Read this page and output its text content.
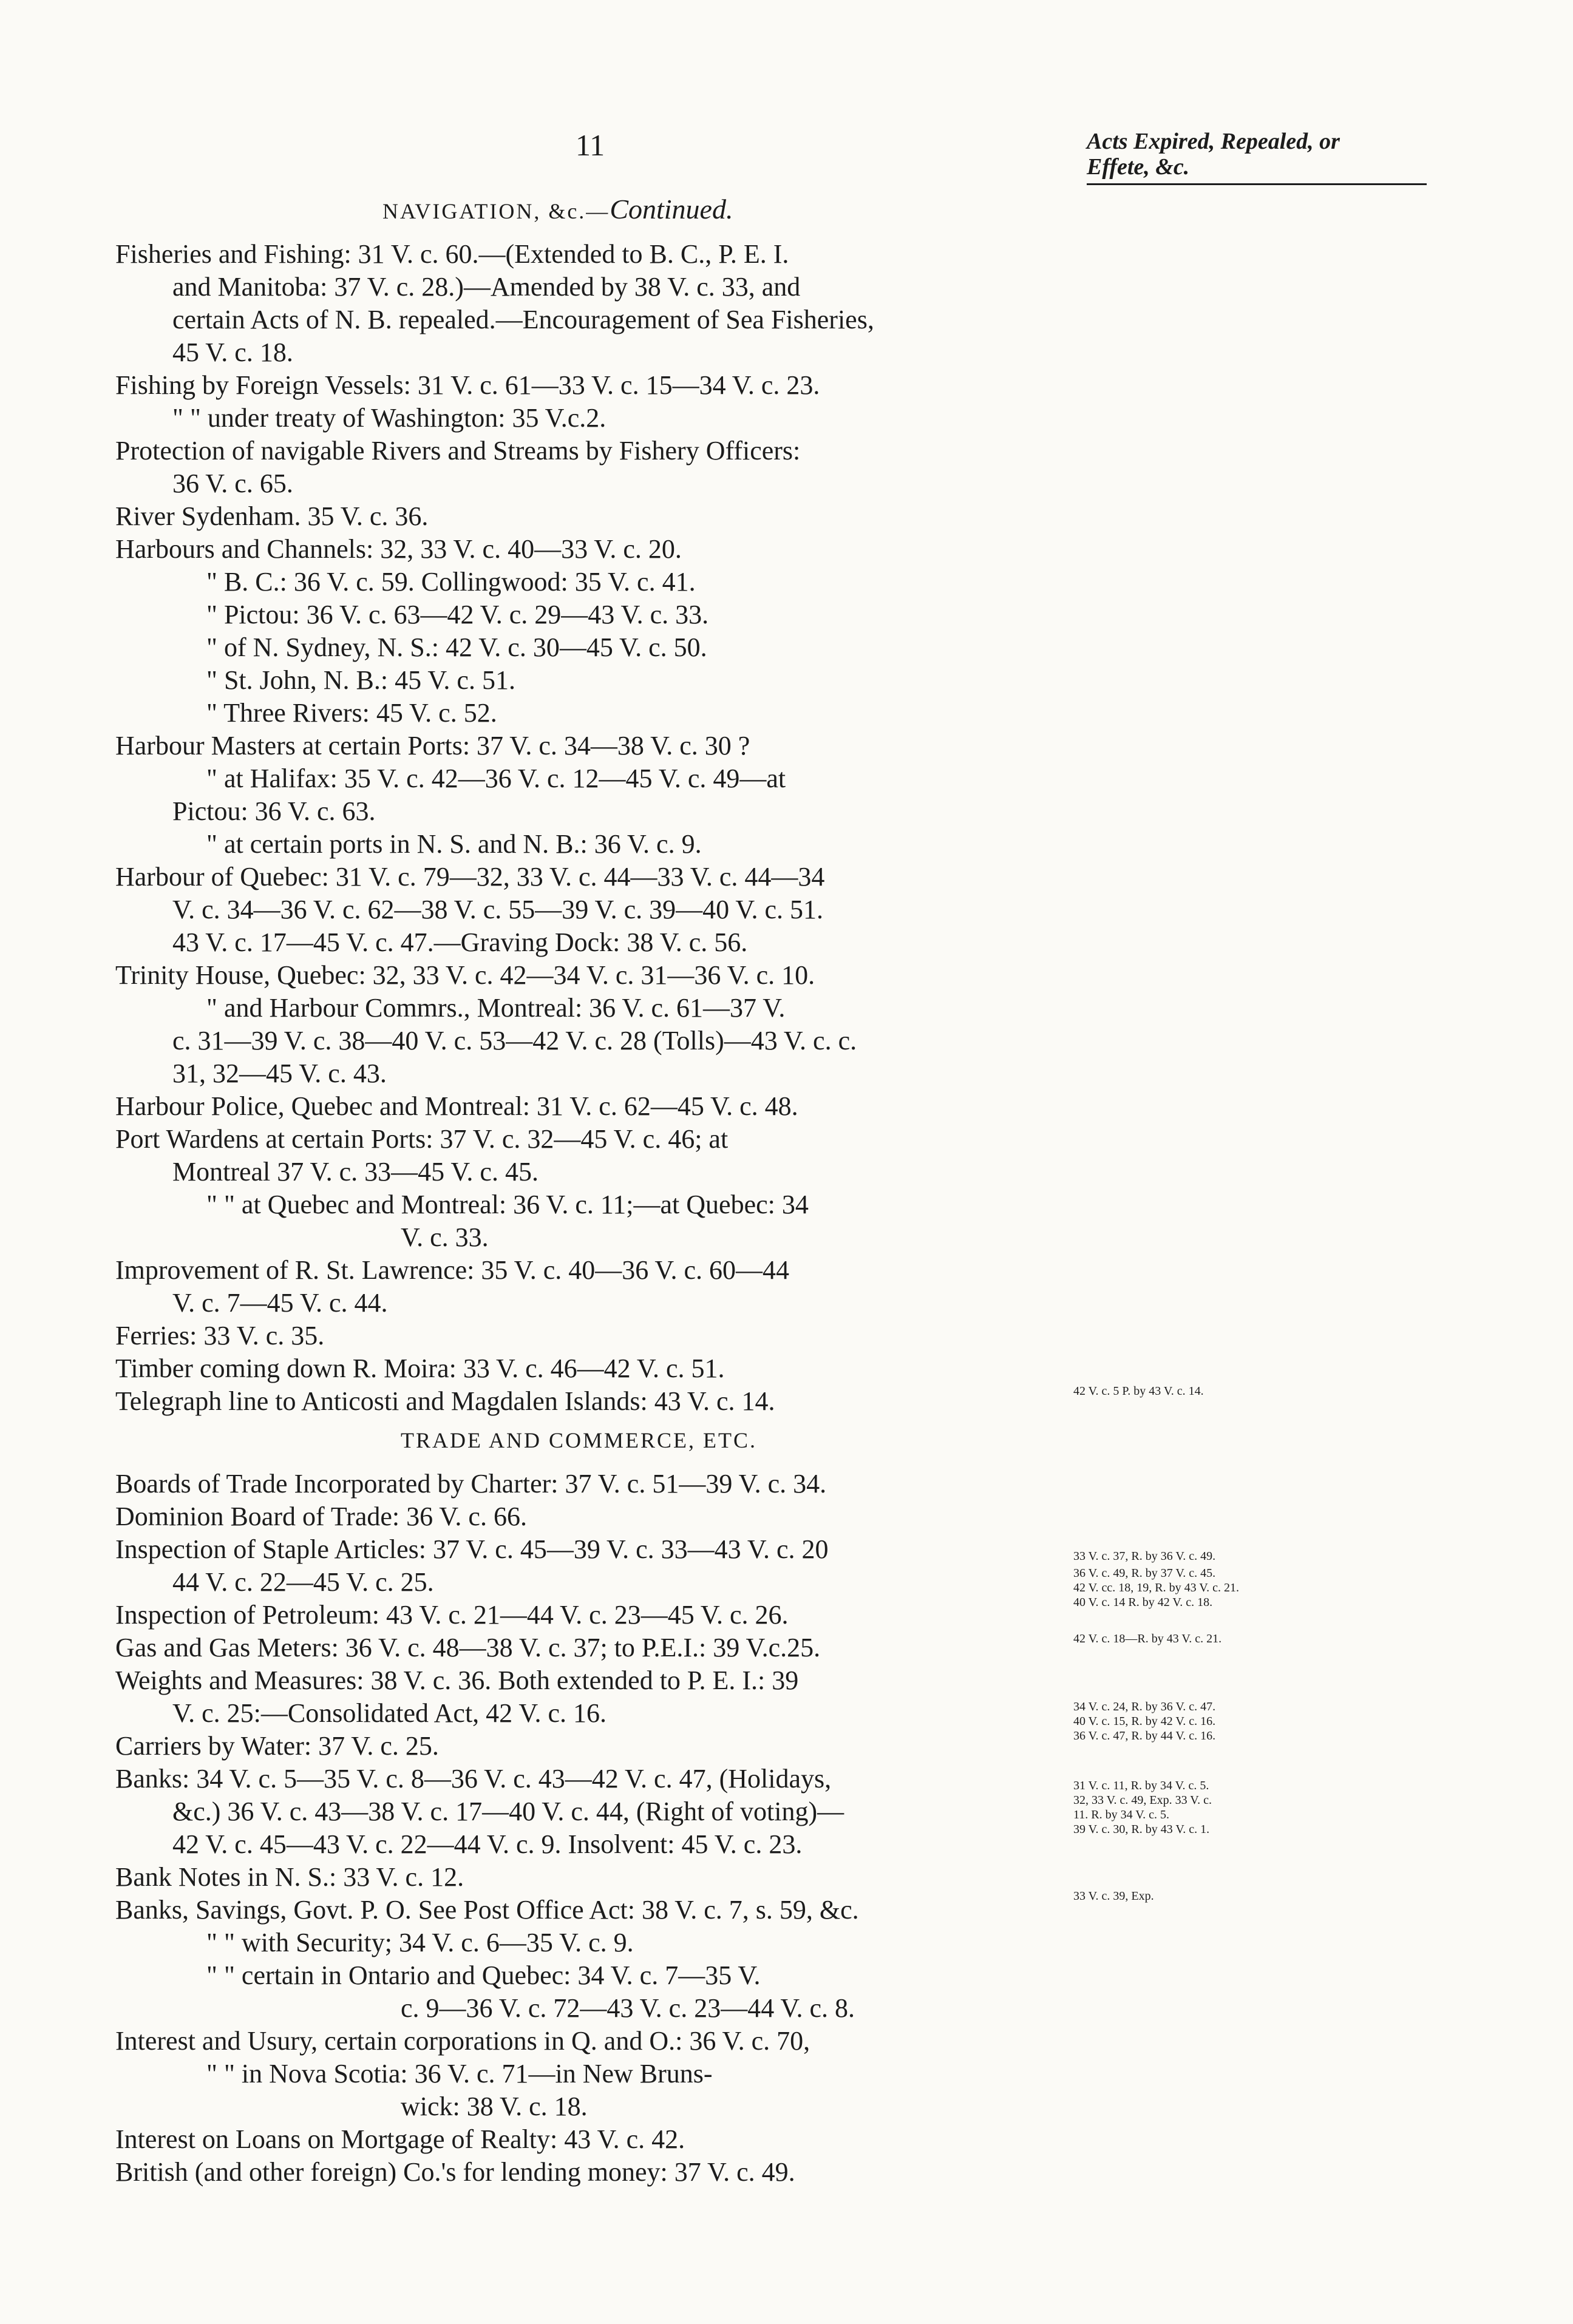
11	Acts Expired, Repealed, or
Effete, &c.
NAVIGATION, &c.—Continued.
Fisheries and Fishing: 31 V. c. 60.—(Extended to B. C., P. E. I.
and Manitoba: 37 V. c. 28.)—Amended by 38 V. c. 33, and
certain Acts of N. B. repealed.—Encouragement of Sea Fisheries,
45 V. c. 18.
Fishing by Foreign Vessels: 31 V. c. 61—33 V. c. 15—34 V. c. 23.
" " under treaty of Washington: 35 V.c.2.
Protection of navigable Rivers and Streams by Fishery Officers:
36 V. c. 65.
River Sydenham. 35 V. c. 36.
Harbours and Channels: 32, 33 V. c. 40—33 V. c. 20.
" B. C.: 36 V. c. 59. Collingwood: 35 V. c. 41.
" Pictou: 36 V. c. 63—42 V. c. 29—43 V. c. 33.
" of N. Sydney, N. S.: 42 V. c. 30—45 V. c. 50.
" St. John, N. B.: 45 V. c. 51.
" Three Rivers: 45 V. c. 52.
Harbour Masters at certain Ports: 37 V. c. 34—38 V. c. 30 ?
" at Halifax: 35 V. c. 42—36 V. c. 12—45 V. c. 49—at
Pictou: 36 V. c. 63.
" at certain ports in N. S. and N. B.: 36 V. c. 9.
Harbour of Quebec: 31 V. c. 79—32, 33 V. c. 44—33 V. c. 44—34
V. c. 34—36 V. c. 62—38 V. c. 55—39 V. c. 39—40 V. c. 51.
43 V. c. 17—45 V. c. 47.—Graving Dock: 38 V. c. 56.
Trinity House, Quebec: 32, 33 V. c. 42—34 V. c. 31—36 V. c. 10.
" and Harbour Commrs., Montreal: 36 V. c. 61—37 V.
c. 31—39 V. c. 38—40 V. c. 53—42 V. c. 28 (Tolls)—43 V. c. c.
31, 32—45 V. c. 43.
Harbour Police, Quebec and Montreal: 31 V. c. 62—45 V. c. 48.
Port Wardens at certain Ports: 37 V. c. 32—45 V. c. 46; at
Montreal 37 V. c. 33—45 V. c. 45.
" " at Quebec and Montreal: 36 V. c. 11;—at Quebec: 34
V. c. 33.
Improvement of R. St. Lawrence: 35 V. c. 40—36 V. c. 60—44
V. c. 7—45 V. c. 44.
Ferries: 33 V. c. 35.
Timber coming down R. Moira: 33 V. c. 46—42 V. c. 51.
Telegraph line to Anticosti and Magdalen Islands: 43 V. c. 14.	42 V. c. 5 P. by 43 V. c. 14.
TRADE AND COMMERCE, ETC.
Boards of Trade Incorporated by Charter: 37 V. c. 51—39 V. c. 34.
Dominion Board of Trade: 36 V. c. 66.
Inspection of Staple Articles: 37 V. c. 45—39 V. c. 33—43 V. c. 20
44 V. c. 22—45 V. c. 25.
Inspection of Petroleum: 43 V. c. 21—44 V. c. 23—45 V. c. 26.
Gas and Gas Meters: 36 V. c. 48—38 V. c. 37; to P.E.I.: 39 V.c.25.
Weights and Measures: 38 V. c. 36. Both extended to P. E. I.: 39
V. c. 25:—Consolidated Act, 42 V. c. 16.
Carriers by Water: 37 V. c. 25.
Banks: 34 V. c. 5—35 V. c. 8—36 V. c. 43—42 V. c. 47, (Holidays,
&c.) 36 V. c. 43—38 V. c. 17—40 V. c. 44, (Right of voting)—
42 V. c. 45—43 V. c. 22—44 V. c. 9. Insolvent: 45 V. c. 23.
Bank Notes in N. S.: 33 V. c. 12.
Banks, Savings, Govt. P. O. See Post Office Act: 38 V. c. 7, s. 59, &c.
" " with Security; 34 V. c. 6—35 V. c. 9.
" " certain in Ontario and Quebec: 34 V. c. 7—35 V.
c. 9—36 V. c. 72—43 V. c. 23—44 V. c. 8.
Interest and Usury, certain corporations in Q. and O.: 36 V. c. 70,
" " in Nova Scotia: 36 V. c. 71—in New Bruns-
wick: 38 V. c. 18.
Interest on Loans on Mortgage of Realty: 43 V. c. 42.
British (and other foreign) Co.'s for lending money: 37 V. c. 49.
33 V. c. 37, R. by 36 V. c. 49.
36 V. c. 49, R. by 37 V. c. 45.
42 V. cc. 18, 19, R. by 43 V. c. 21.
40 V. c. 14 R. by 42 V. c. 18.
42 V. c. 18—R. by 43 V. c. 21.
34 V. c. 24, R. by 36 V. c. 47.
40 V. c. 15, R. by 42 V. c. 16.
36 V. c. 47, R. by 44 V. c. 16.
31 V. c. 11, R. by 34 V. c. 5.
32, 33 V. c. 49, Exp. 33 V. c.
11. R. by 34 V. c. 5.
39 V. c. 30, R. by 43 V. c. 1.
33 V. c. 39, Exp.
